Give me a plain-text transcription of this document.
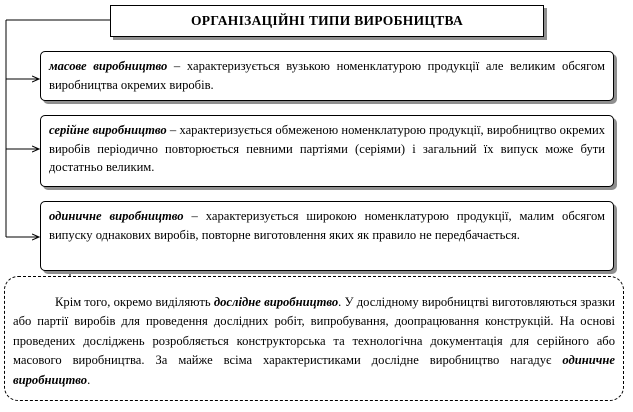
ОРГАНІЗАЦІЙНІ ТИПИ ВИРОБНИЦТВА
масове виробництво – характеризується вузькою номенклатурою продукції але великим обсягом виробництва окремих виробів.
серійне виробництво – характеризується обмеженою номенклатурою продукції, виробництво окремих виробів періодично повторюється певними партіями (серіями) і загальний їх випуск може бути достатньо великим.
одиничне виробництво – характеризується широкою номенклатурою продукції, малим обсягом випуску однакових виробів, повторне виготовлення яких як правило не передбачається.
Крім того, окремо виділяють дослідне виробництво. У дослідному виробництві виготовляються зразки або партії виробів для проведення дослідних робіт, випробування, доопрацювання конструкцій. На основі проведених досліджень розробляється конструкторська та технологічна документація для серійного або масового виробництва. За майже всіма характеристиками дослідне виробництво нагадує одиничне виробництво.
